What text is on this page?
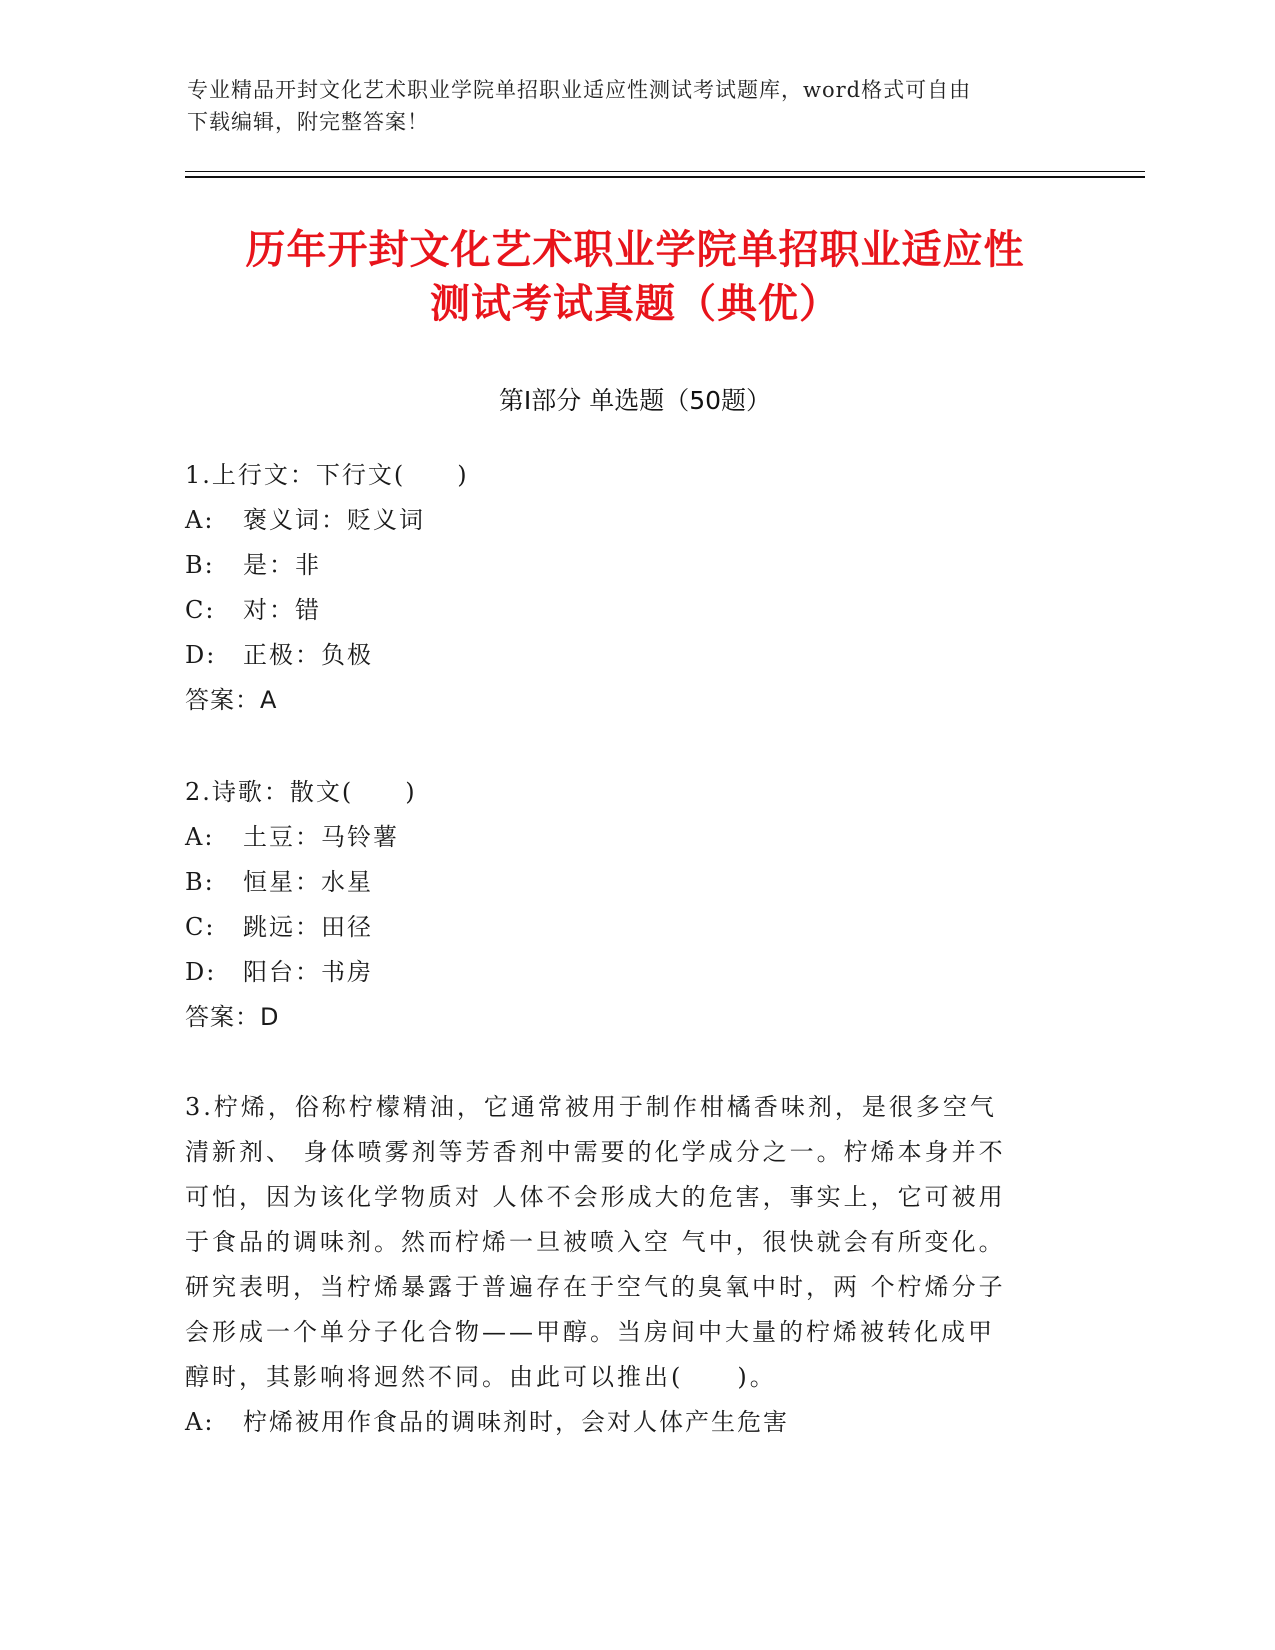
专业精品开封文化艺术职业学院单招职业适应性测试考试题库，word格式可自由
下载编辑，附完整答案！
历年开封文化艺术职业学院单招职业适应性
测试考试真题（典优）
第Ⅰ部分 单选题（50题）
1.上行文：下行文(　　)
A: 褒义词：贬义词
B: 是：非
C: 对：错
D: 正极：负极
答案：A
2.诗歌：散文(　　)
A: 土豆：马铃薯
B: 恒星：水星
C: 跳远：田径
D: 阳台：书房
答案：D
3.柠烯，俗称柠檬精油，它通常被用于制作柑橘香味剂，是很多空气
清新剂、 身体喷雾剂等芳香剂中需要的化学成分之一。柠烯本身并不
可怕，因为该化学物质对 人体不会形成大的危害，事实上，它可被用
于食品的调味剂。然而柠烯一旦被喷入空 气中，很快就会有所变化。
研究表明，当柠烯暴露于普遍存在于空气的臭氧中时，两 个柠烯分子
会形成一个单分子化合物——甲醇。当房间中大量的柠烯被转化成甲
醇时，其影响将迥然不同。由此可以推出(　　)。
A: 柠烯被用作食品的调味剂时，会对人体产生危害
